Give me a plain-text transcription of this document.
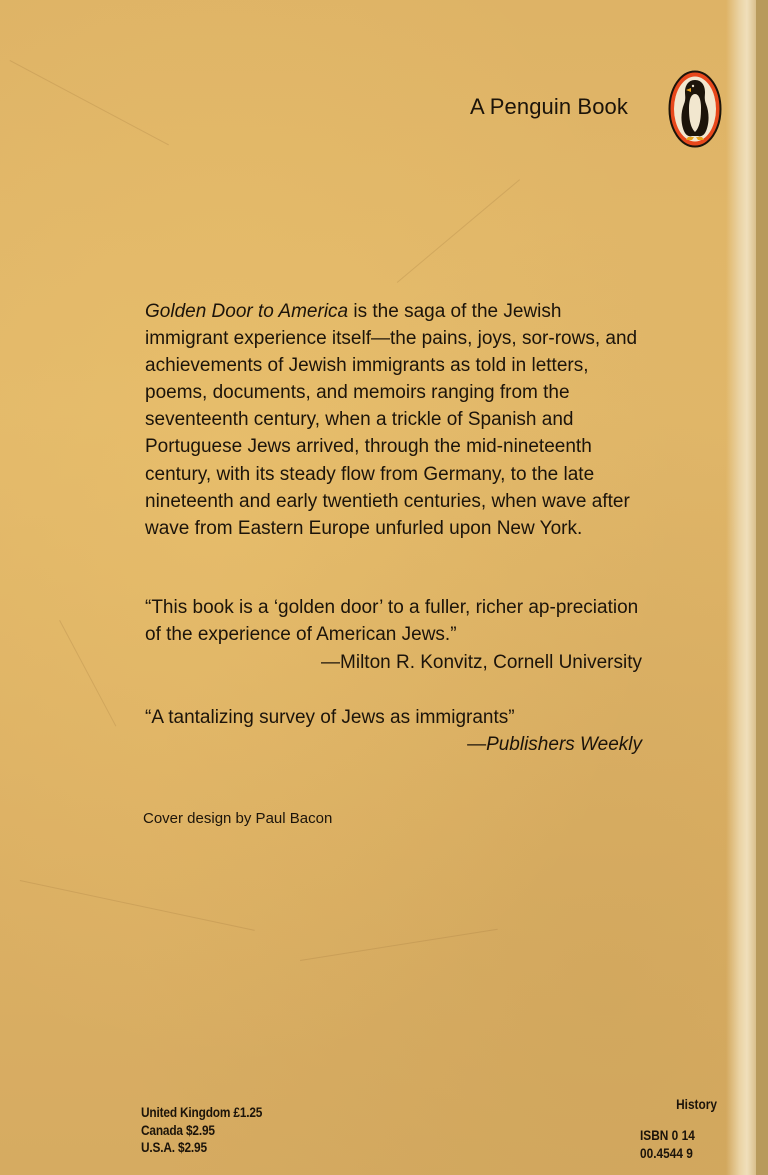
A Penguin Book

Golden Door to America is the saga of the Jewish immigrant experience itself—the pains, joys, sor-rows, and achievements of Jewish immigrants as told in letters, poems, documents, and memoirs ranging from the seventeenth century, when a trickle of Spanish and Portuguese Jews arrived, through the mid-nineteenth century, with its steady flow from Germany, to the late nineteenth and early twentieth centuries, when wave after wave from Eastern Europe unfurled upon New York.

“This book is a ‘golden door’ to a fuller, richer ap-preciation of the experience of American Jews.”
—Milton R. Konvitz, Cornell University
“A tantalizing survey of Jews as immigrants”
—Publishers Weekly
Cover design by Paul Bacon
United Kingdom £1.25
Canada $2.95
U.S.A. $2.95
History
ISBN 0 14
00.4544 9
